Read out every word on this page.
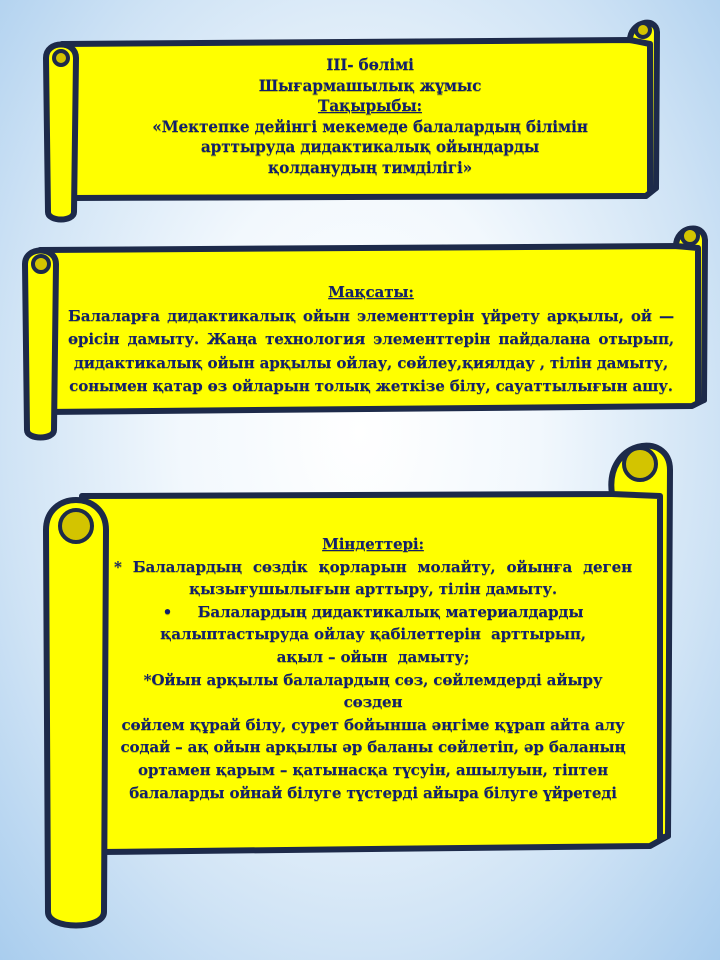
ІІІ- бөлімі
Шығармашылық жұмыс
Тақырыбы:
«Мектепке дейінгі мекемеде балалардың білімін
арттыруда дидактикалық ойындарды
қолданудың тимділігі»
Мақсаты:
Балаларға дидактикалық ойын элементтерін үйрету арқылы, ой —
өрісін дамыту. Жаңа технология элементтерін пайдалана отырып,
дидактикалық ойын арқылы ойлау, сөйлеу,қиялдау , тілін дамыту,
сонымен қатар өз ойларын толық жеткізе білу, сауаттылығын ашу.
Міндеттері:
* Балалардың сөздік қорларын молайту, ойынға деген
қызығушылығын арттыру, тілін дамыту.
•     Балалардың дидактикалық материалдарды
қалыптастыруда ойлау қабілеттерін  арттырып,
ақыл – ойын  дамыту;
*Ойын арқылы балалардың сөз, сөйлемдерді айыру сөзден
сөйлем құрай білу, сурет бойынша әңгіме құрап айта алу
содай – ақ ойын арқылы әр баланы сөйлетіп, әр баланың
ортамен қарым – қатынасқа түсуін, ашылуын, тіптен
балаларды ойнай білуге түстерді айыра білуге үйретеді
